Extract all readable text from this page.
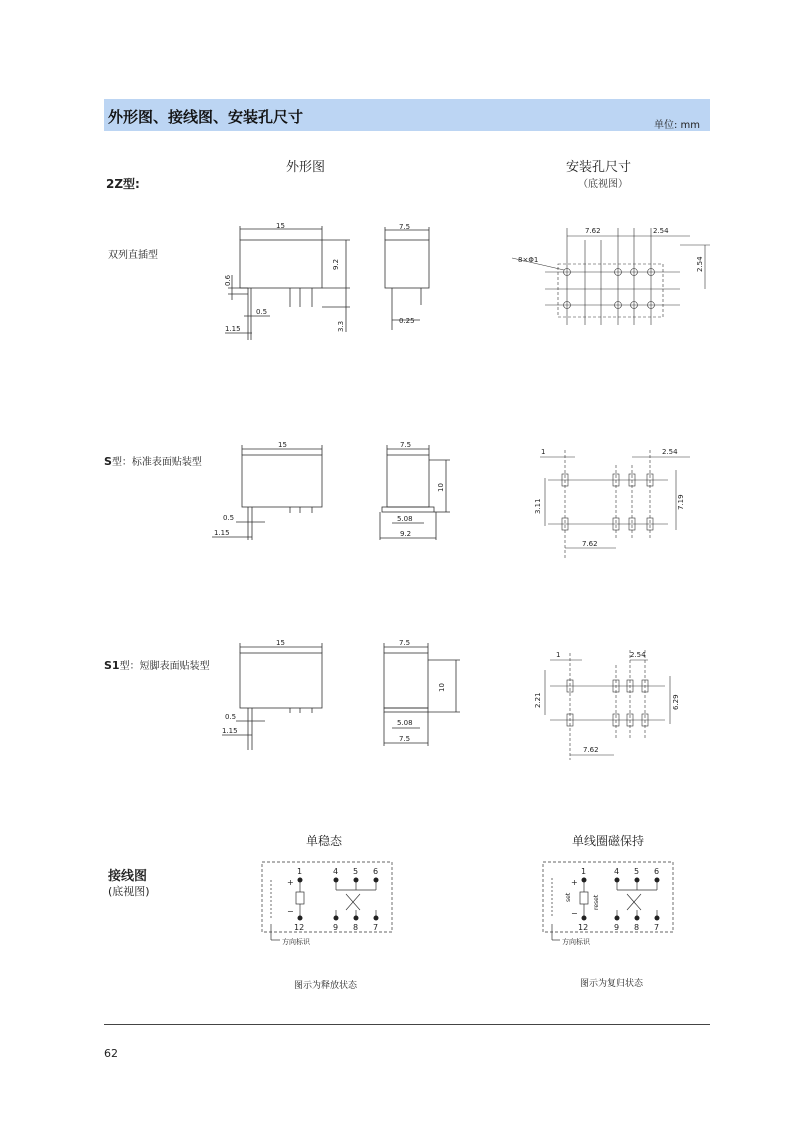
外形图、接线图、安装孔尺寸	单位: mm
外形图	安装孔尺寸
（底视图）
2Z型:
双列直插型
S型：标准表面贴装型
S1型：短脚表面贴装型
15
9.2
3.3
0.6
0.5
1.15
7.5
0.25
7.62	2.54
2.54
8×Φ1
15
0.5
1.15
7.5
10
5.08
9.2
1	2.54
3.11	7.19
7.62
15
0.5
1.15
7.5
10
5.08
7.5
1	2.54
2.21	6.29
7.62
接线图
(底视图)
单稳态	单线圈磁保持
图示为释放状态	图示为复归状态
1	4 5 6
12	9 8 7
+
−
方向标识
1	4 5 6
12	9 8 7
+
−
set	reset
方向标识
62
